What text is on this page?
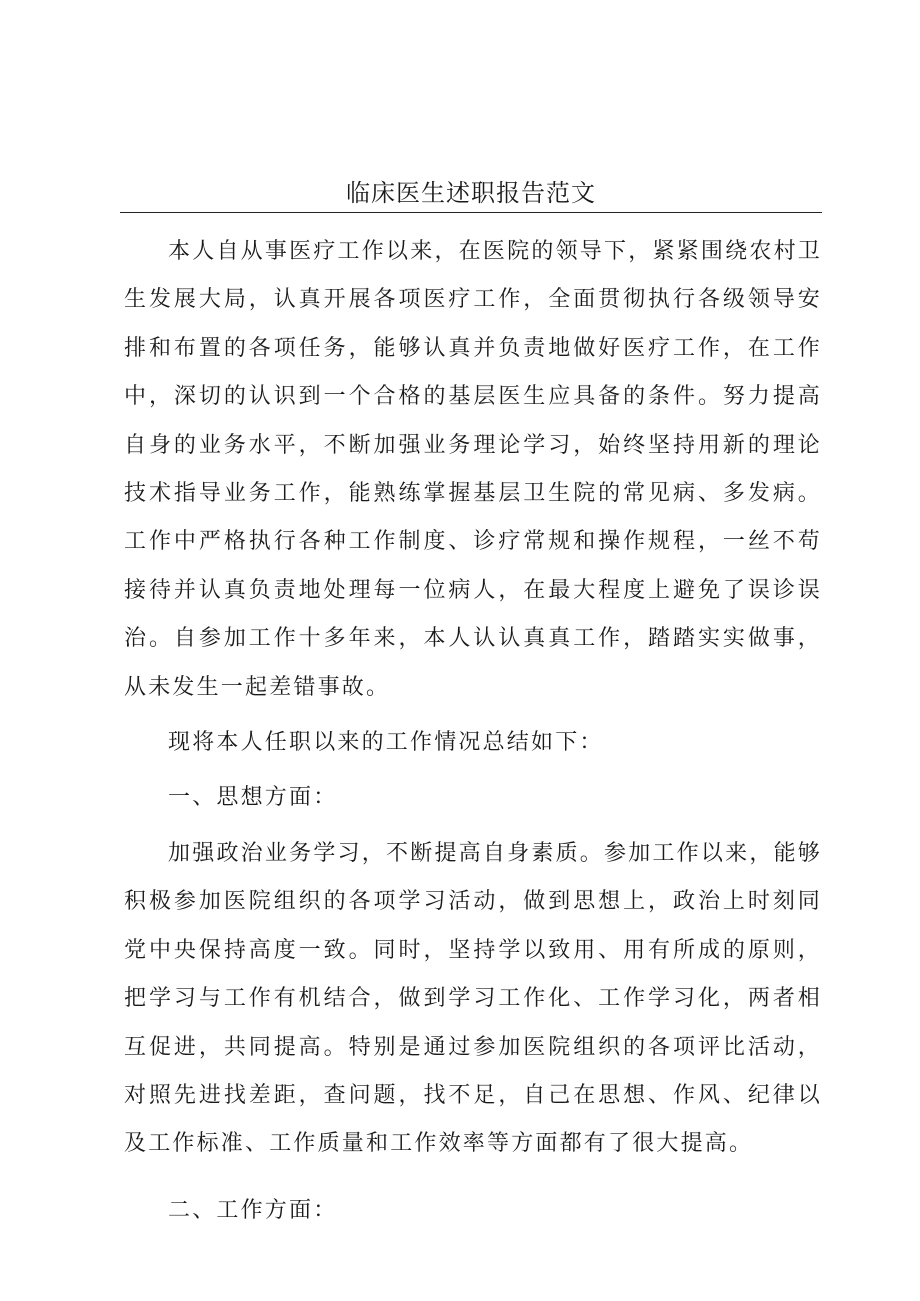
临床医生述职报告范文

本人自从事医疗工作以来，在医院的领导下，紧紧围绕农村卫生发展大局，认真开展各项医疗工作，全面贯彻执行各级领导安排和布置的各项任务，能够认真并负责地做好医疗工作，在工作中，深切的认识到一个合格的基层医生应具备的条件。努力提高自身的业务水平，不断加强业务理论学习，始终坚持用新的理论技术指导业务工作，能熟练掌握基层卫生院的常见病、多发病。工作中严格执行各种工作制度、诊疗常规和操作规程，一丝不苟接待并认真负责地处理每一位病人，在最大程度上避免了误诊误治。自参加工作十多年来，本人认认真真工作，踏踏实实做事，从未发生一起差错事故。

现将本人任职以来的工作情况总结如下：

一、思想方面：

加强政治业务学习，不断提高自身素质。参加工作以来，能够积极参加医院组织的各项学习活动，做到思想上，政治上时刻同党中央保持高度一致。同时，坚持学以致用、用有所成的原则，把学习与工作有机结合，做到学习工作化、工作学习化，两者相互促进，共同提高。特别是通过参加医院组织的各项评比活动，对照先进找差距，查问题，找不足，自己在思想、作风、纪律以及工作标准、工作质量和工作效率等方面都有了很大提高。

二、工作方面：
